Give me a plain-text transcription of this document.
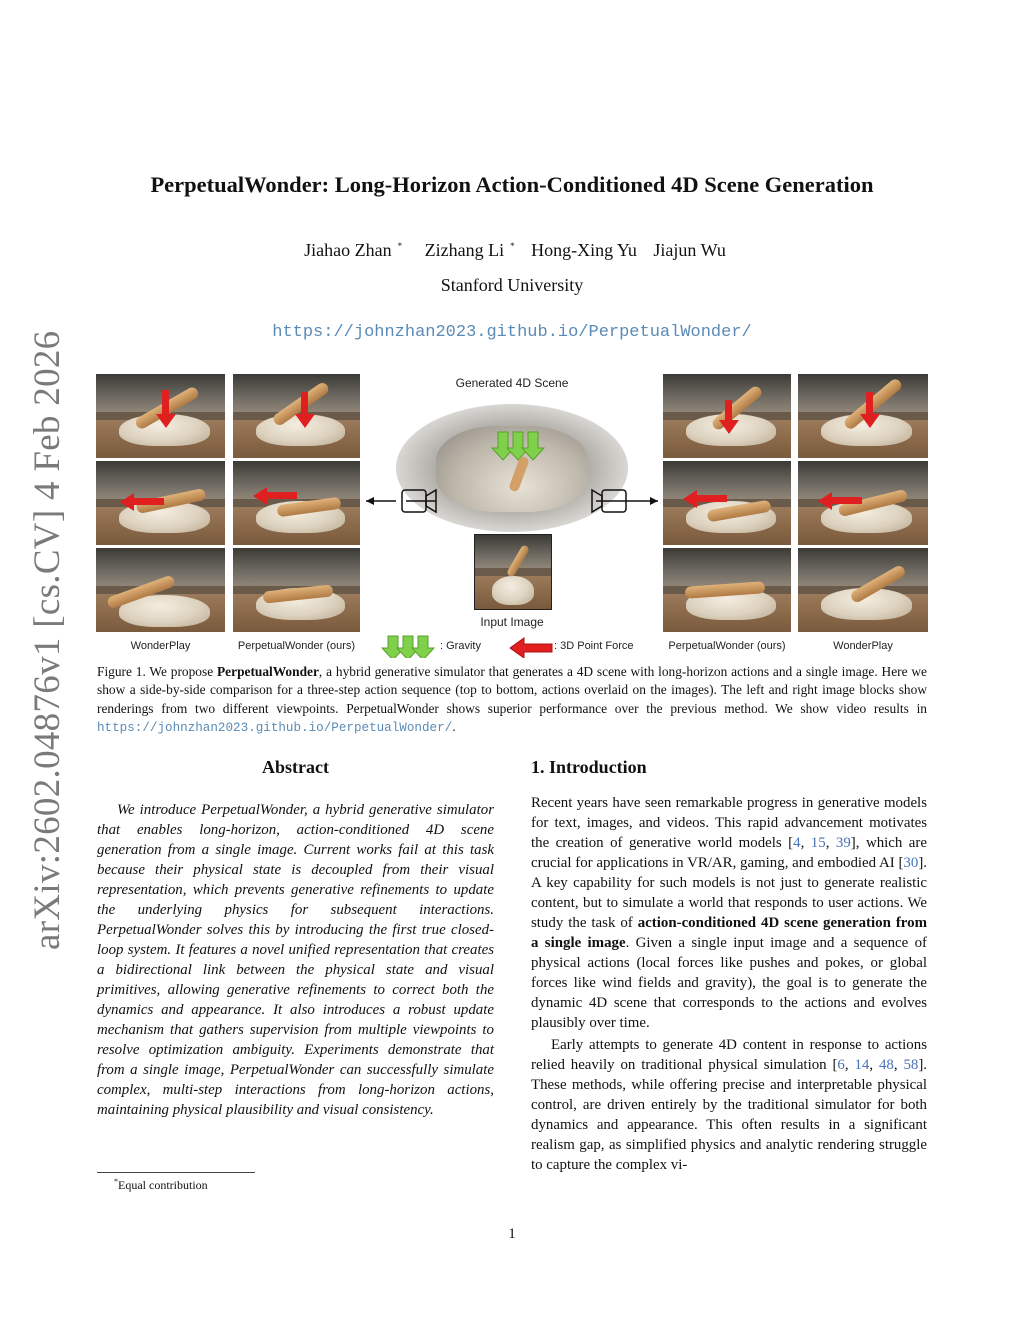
arXiv:2602.04876v1 [cs.CV] 4 Feb 2026
PerpetualWonder: Long-Horizon Action-Conditioned 4D Scene Generation
Jiahao Zhan * Zizhang Li * Hong-Xing Yu Jiajun Wu
Stanford University
https://johnzhan2023.github.io/PerpetualWonder/
Generated 4D Scene
Input Image
WonderPlay	PerpetualWonder (ours)	: Gravity	: 3D Point Force	PerpetualWonder (ours)	WonderPlay
Figure 1. We propose PerpetualWonder, a hybrid generative simulator that generates a 4D scene with long-horizon actions and a single image. Here we show a side-by-side comparison for a three-step action sequence (top to bottom, actions overlaid on the images). The left and right image blocks show renderings from two different viewpoints. PerpetualWonder shows superior performance over the previous method. We show video results in https://johnzhan2023.github.io/PerpetualWonder/.
Abstract
We introduce PerpetualWonder, a hybrid generative simulator that enables long-horizon, action-conditioned 4D scene generation from a single image. Current works fail at this task because their physical state is decoupled from their visual representation, which prevents generative refinements to update the underlying physics for subsequent interactions. PerpetualWonder solves this by introducing the first true closed-loop system. It features a novel unified representation that creates a bidirectional link between the physical state and visual primitives, allowing generative refinements to correct both the dynamics and appearance. It also introduces a robust update mechanism that gathers supervision from multiple viewpoints to resolve optimization ambiguity. Experiments demonstrate that from a single image, PerpetualWonder can successfully simulate complex, multi-step interactions from long-horizon actions, maintaining physical plausibility and visual consistency.
1. Introduction

Recent years have seen remarkable progress in generative models for text, images, and videos. This rapid advancement motivates the creation of generative world models [4, 15, 39], which are crucial for applications in VR/AR, gaming, and embodied AI [30]. A key capability for such models is not just to generate realistic content, but to simulate a world that responds to user actions. We study the task of action-conditioned 4D scene generation from a single image. Given a single input image and a sequence of physical actions (local forces like pushes and pokes, or global forces like wind fields and gravity), the goal is to generate the dynamic 4D scene that corresponds to the actions and evolves plausibly over time.

Early attempts to generate 4D content in response to actions relied heavily on traditional physical simulation [6, 14, 48, 58]. These methods, while offering precise and interpretable physical control, are driven entirely by the traditional simulator for both dynamics and appearance. This often results in a significant realism gap, as simplified physics and analytic rendering struggle to capture the complex vi-

*Equal contribution
1
